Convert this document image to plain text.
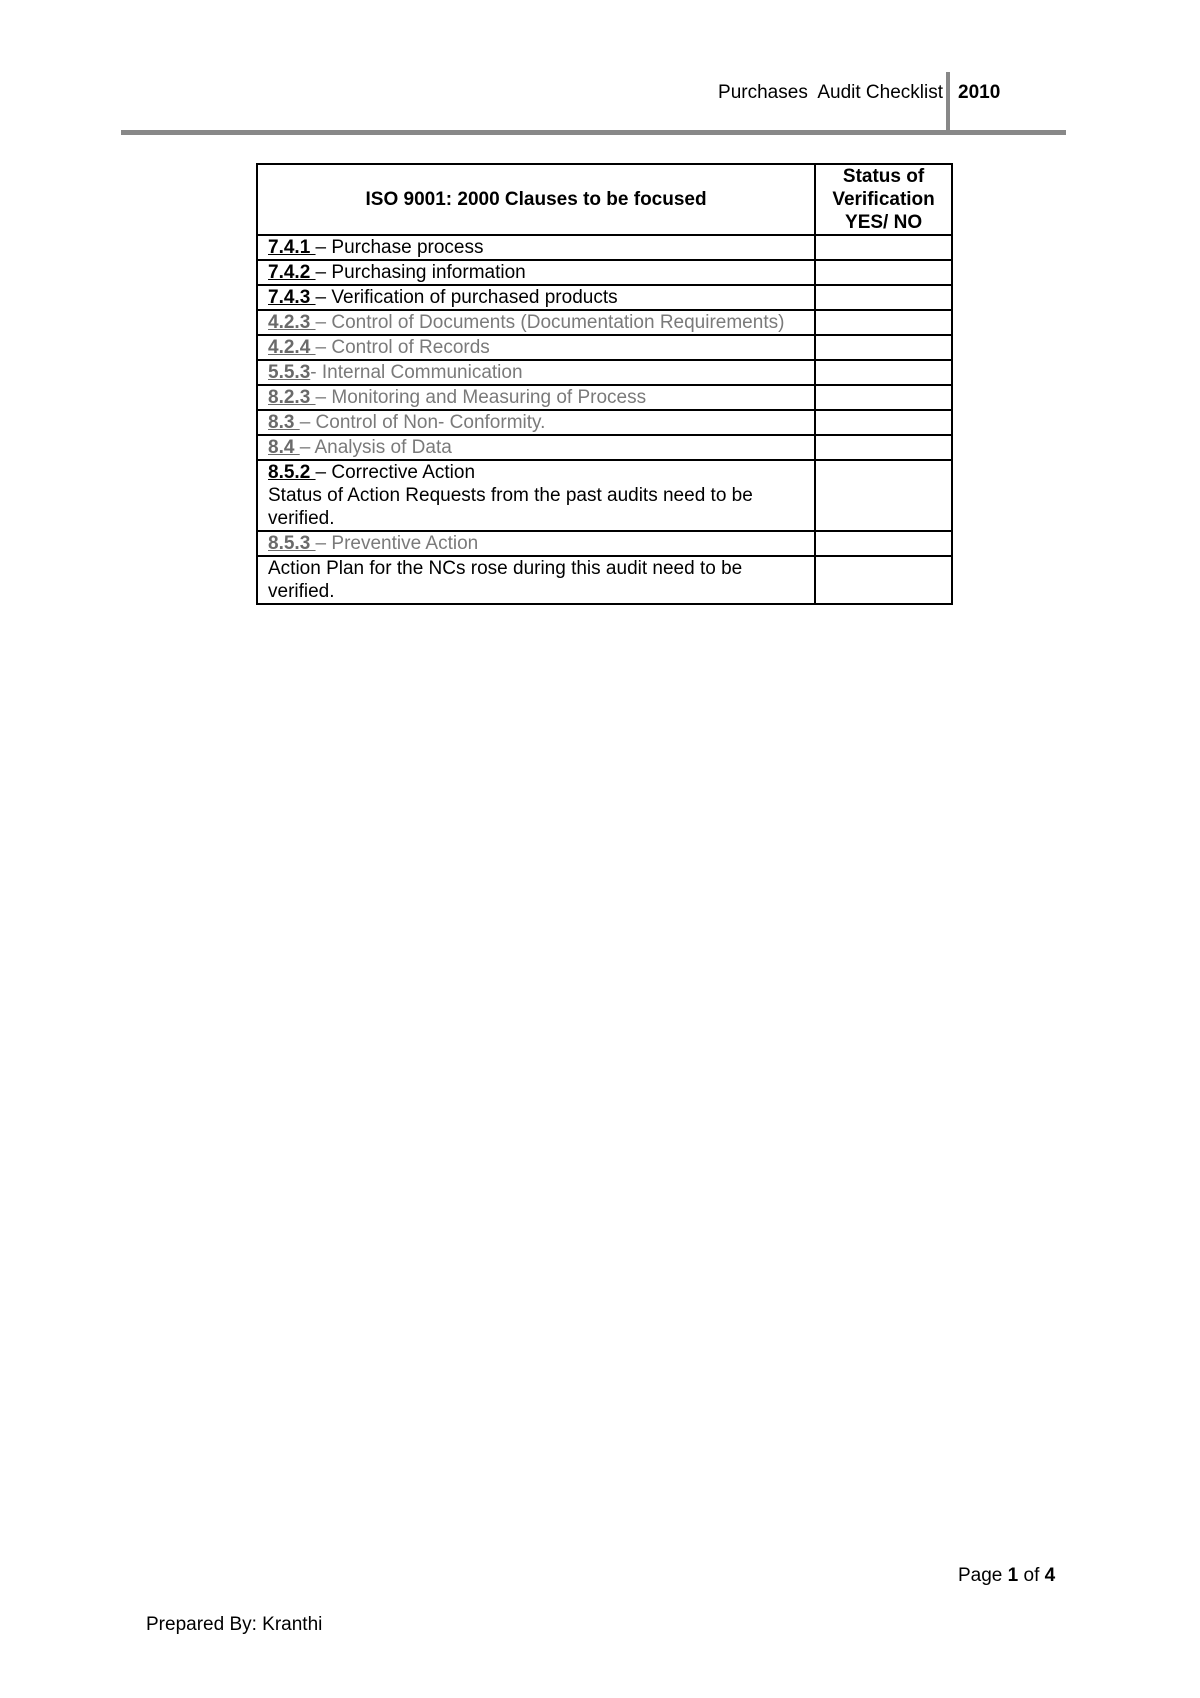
Purchases  Audit Checklist 2010
ISO 9001: 2000 Clauses to be focused	Status of
Verification
YES/ NO

7.4.1 – Purchase process	
7.4.2 – Purchasing information	
7.4.3 – Verification of purchased products	
4.2.3 – Control of Documents (Documentation Requirements)	
4.2.4 – Control of Records	
5.5.3- Internal Communication	
8.2.3 – Monitoring and Measuring of Process	
8.3 – Control of Non- Conformity.	
8.4 – Analysis of Data	
8.5.2 – Corrective Action
Status of Action Requests from the past audits need to be verified.	

8.5.3 – Preventive Action	
Action Plan for the NCs rose during this audit need to be verified.	
Page 1 of 4
Prepared By: Kranthi
